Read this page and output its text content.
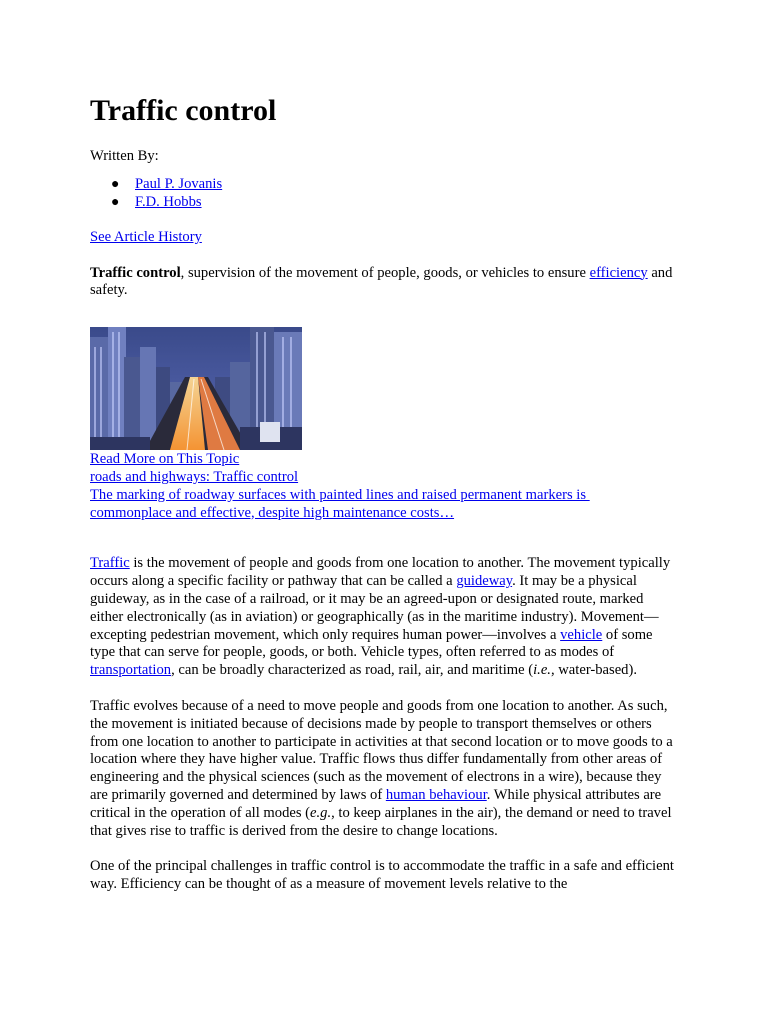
Traffic control
Written By:
● Paul P. Jovanis
● F.D. Hobbs
See Article History

Traffic control, supervision of the movement of people, goods, or vehicles to ensure efficiency and safety.

Read More on This Topic
roads and highways: Traffic control
The marking of roadway surfaces with painted lines and raised permanent markers is
commonplace and effective, despite high maintenance costs…

Traffic is the movement of people and goods from one location to another. The movement typically occurs along a specific facility or pathway that can be called a guideway. It may be a physical guideway, as in the case of a railroad, or it may be an agreed-upon or designated route, marked either electronically (as in aviation) or geographically (as in the maritime industry). Movement—excepting pedestrian movement, which only requires human power—involves a vehicle of some type that can serve for people, goods, or both. Vehicle types, often referred to as modes of transportation, can be broadly characterized as road, rail, air, and maritime (i.e., water-based).

Traffic evolves because of a need to move people and goods from one location to another. As such, the movement is initiated because of decisions made by people to transport themselves or others from one location to another to participate in activities at that second location or to move goods to a location where they have higher value. Traffic flows thus differ fundamentally from other areas of engineering and the physical sciences (such as the movement of electrons in a wire), because they are primarily governed and determined by laws of human behaviour. While physical attributes are critical in the operation of all modes (e.g., to keep airplanes in the air), the demand or need to travel that gives rise to traffic is derived from the desire to change locations.

One of the principal challenges in traffic control is to accommodate the traffic in a safe and efficient way. Efficiency can be thought of as a measure of movement levels relative to the
